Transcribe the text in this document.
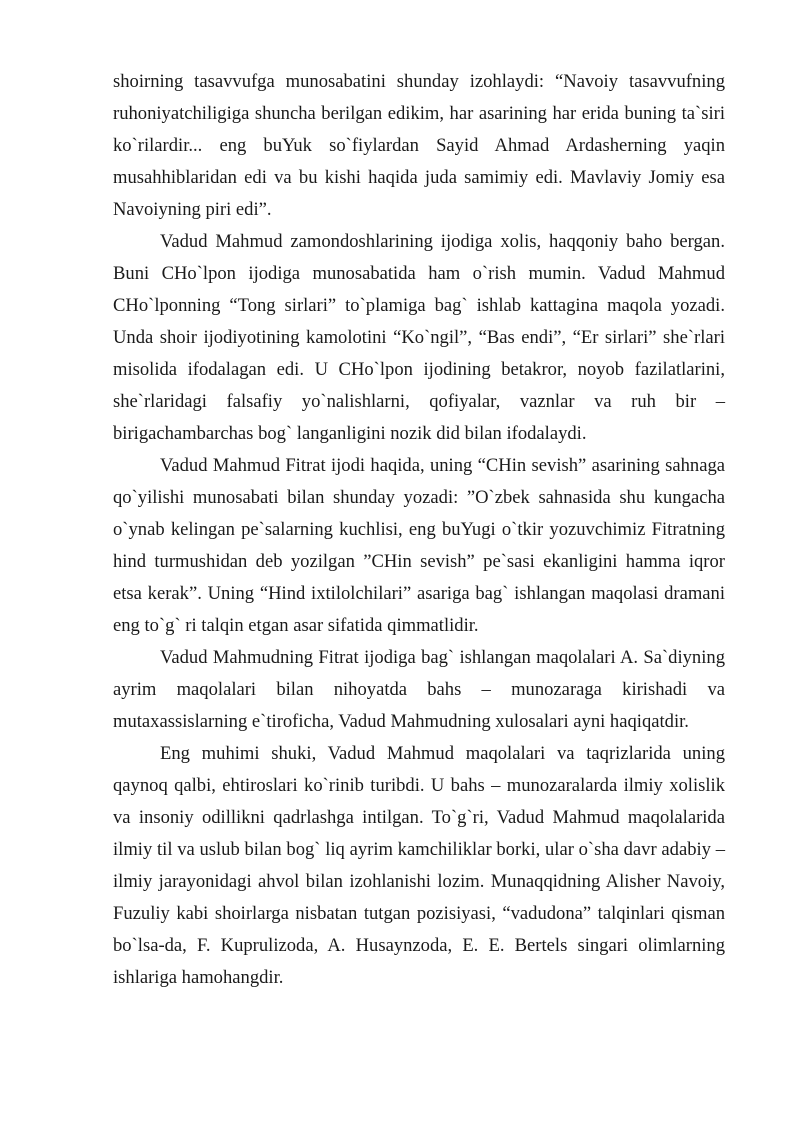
shoirning tasavvufga munosabatini shunday izohlaydi: “Navoiy tasavvufning ruhoniyatchiligiga shuncha berilgan edikim, har asarining har erida buning ta`siri ko`rilardir... eng buYuk so`fiylardan Sayid Ahmad Ardasherning yaqin musahhiblaridan edi va bu kishi haqida juda samimiy edi. Mavlaviy Jomiy esa Navoiyning piri edi”.

Vadud Mahmud zamondoshlarining ijodiga xolis, haqqoniy baho bergan. Buni CHo`lpon ijodiga munosabatida ham o`rish mumin. Vadud Mahmud CHo`lponning “Tong sirlari” to`plamiga bag` ishlab kattagina maqola yozadi. Unda shoir ijodiyotining kamolotini “Ko`ngil”, “Bas endi”, “Er sirlari” she`rlari misolida ifodalagan edi. U CHo`lpon ijodining betakror, noyob fazilatlarini, she`rlaridagi falsafiy yo`nalishlarni, qofiyalar, vaznlar va ruh bir – birigachambarchas bog` langanligini nozik did bilan ifodalaydi.

Vadud Mahmud Fitrat ijodi haqida, uning “CHin sevish” asarining sahnaga qo`yilishi munosabati bilan shunday yozadi: ”O`zbek sahnasida shu kungacha o`ynab kelingan pe`salarning kuchlisi, eng buYugi o`tkir yozuvchimiz Fitratning hind turmushidan deb yozilgan ”CHin sevish” pe`sasi ekanligini hamma iqror etsa kerak”. Uning “Hind ixtilolchilari” asariga bag` ishlangan maqolasi dramani eng to`g` ri talqin etgan asar sifatida qimmatlidir.

Vadud Mahmudning Fitrat ijodiga bag` ishlangan maqolalari A. Sa`diyning ayrim maqolalari bilan nihoyatda bahs – munozaraga kirishadi va mutaxassislarning e`tiroficha, Vadud Mahmudning xulosalari ayni haqiqatdir.

Eng muhimi shuki, Vadud Mahmud maqolalari va taqrizlarida uning qaynoq qalbi, ehtiroslari ko`rinib turibdi. U bahs – munozaralarda ilmiy xolislik va insoniy odillikni qadrlashga intilgan. To`g`ri, Vadud Mahmud maqolalarida ilmiy til va uslub bilan bog` liq ayrim kamchiliklar borki, ular o`sha davr adabiy – ilmiy jarayonidagi ahvol bilan izohlanishi lozim. Munaqqidning Alisher Navoiy, Fuzuliy kabi shoirlarga nisbatan tutgan pozisiyasi, “vadudona” talqinlari qisman bo`lsa-da, F. Kuprulizoda, A. Husaynzoda, E. E. Bertels singari olimlarning ishlariga hamohangdir.
